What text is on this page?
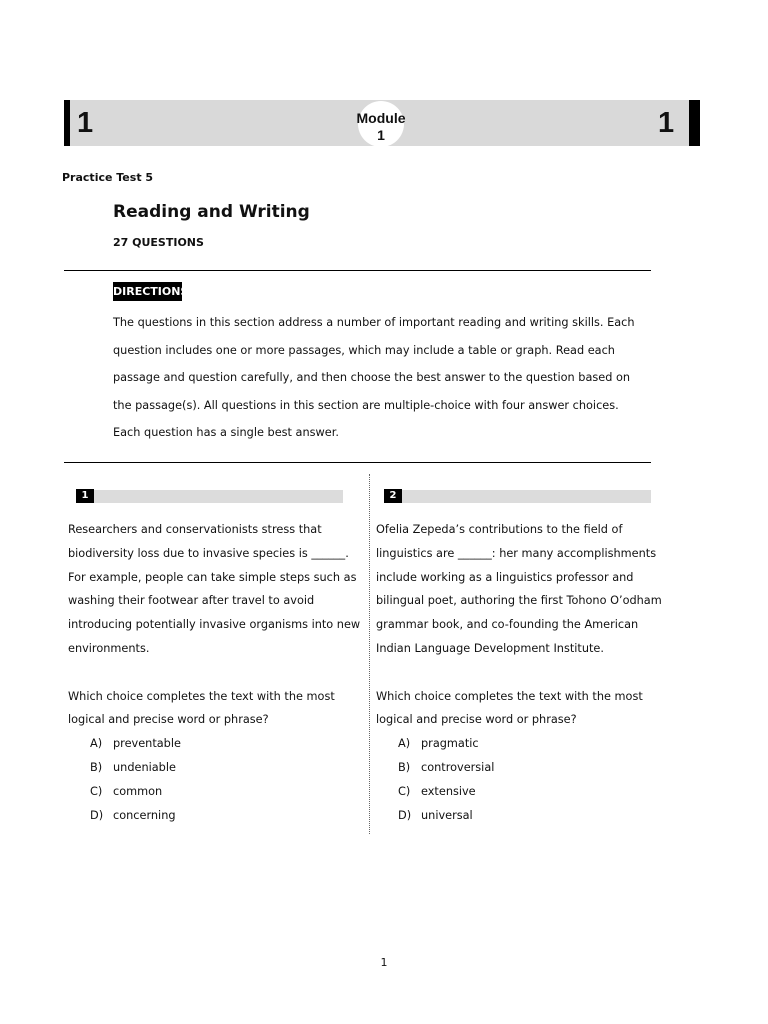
1	1
Module
1
Practice Test 5
Reading and Writing
27 QUESTIONS
DIRECTIONS
The questions in this section address a number of important reading and writing skills. Each question includes one or more passages, which may include a table or graph. Read each passage and question carefully, and then choose the best answer to the question based on the passage(s). All questions in this section are multiple-choice with four answer choices. Each question has a single best answer.
1

Researchers and conservationists stress that biodiversity loss due to invasive species is ______. For example, people can take simple steps such as washing their footwear after travel to avoid introducing potentially invasive organisms into new environments.

Which choice completes the text with the most logical and precise word or phrase?

A) preventable
B) undeniable
C) common
D) concerning
2

Ofelia Zepeda’s contributions to the field of linguistics are ______: her many accomplishments include working as a linguistics professor and bilingual poet, authoring the first Tohono O’odham grammar book, and co-founding the American Indian Language Development Institute.

Which choice completes the text with the most logical and precise word or phrase?

A) pragmatic
B) controversial
C) extensive
D) universal
1
